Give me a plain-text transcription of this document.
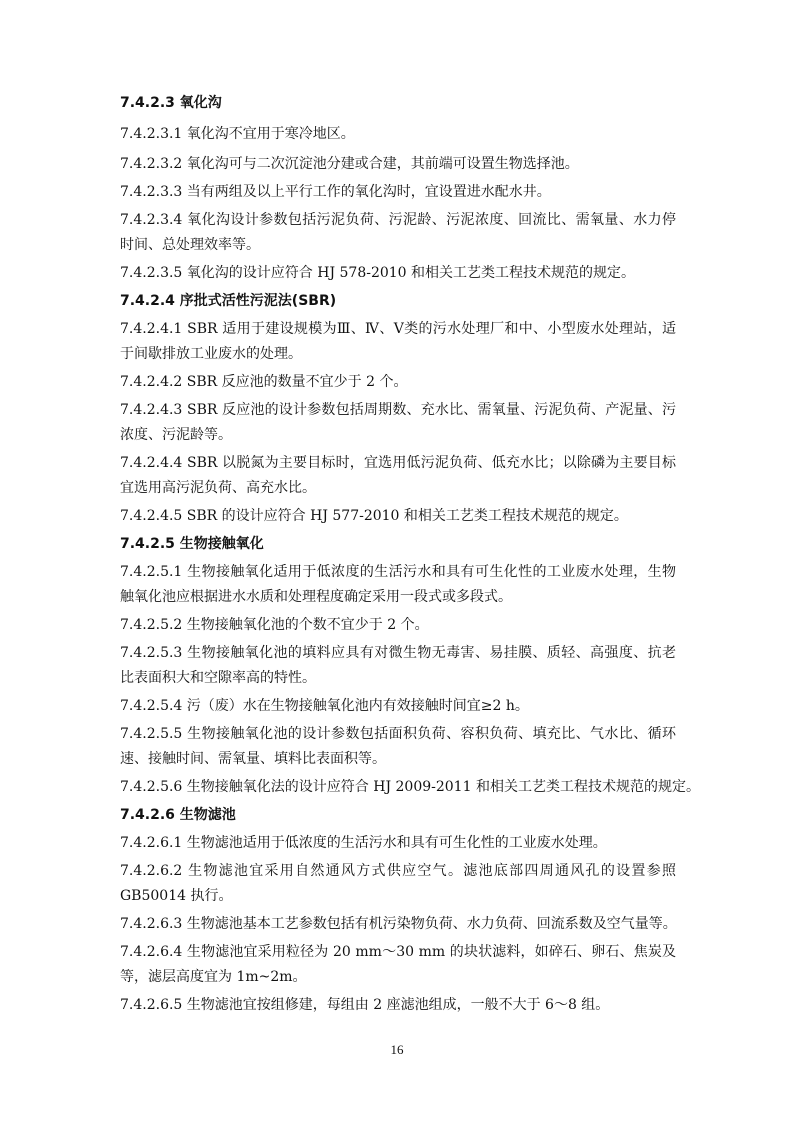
7.4.2.3 氧化沟
7.4.2.3.1 氧化沟不宜用于寒冷地区。
7.4.2.3.2 氧化沟可与二次沉淀池分建或合建，其前端可设置生物选择池。
7.4.2.3.3 当有两组及以上平行工作的氧化沟时，宜设置进水配水井。
7.4.2.3.4 氧化沟设计参数包括污泥负荷、污泥龄、污泥浓度、回流比、需氧量、水力停
时间、总处理效率等。
7.4.2.3.5 氧化沟的设计应符合 HJ 578-2010 和相关工艺类工程技术规范的规定。
7.4.2.4 序批式活性污泥法(SBR)
7.4.2.4.1 SBR 适用于建设规模为Ⅲ、Ⅳ、Ⅴ类的污水处理厂和中、小型废水处理站，适
于间歇排放工业废水的处理。
7.4.2.4.2 SBR 反应池的数量不宜少于 2 个。
7.4.2.4.3 SBR 反应池的设计参数包括周期数、充水比、需氧量、污泥负荷、产泥量、污
浓度、污泥龄等。
7.4.2.4.4 SBR 以脱氮为主要目标时，宜选用低污泥负荷、低充水比；以除磷为主要目标
宜选用高污泥负荷、高充水比。
7.4.2.4.5 SBR 的设计应符合 HJ 577-2010 和相关工艺类工程技术规范的规定。
7.4.2.5 生物接触氧化
7.4.2.5.1 生物接触氧化适用于低浓度的生活污水和具有可生化性的工业废水处理，生物
触氧化池应根据进水水质和处理程度确定采用一段式或多段式。
7.4.2.5.2 生物接触氧化池的个数不宜少于 2 个。
7.4.2.5.3 生物接触氧化池的填料应具有对微生物无毒害、易挂膜、质轻、高强度、抗老
比表面积大和空隙率高的特性。
7.4.2.5.4 污（废）水在生物接触氧化池内有效接触时间宜≥2 h。
7.4.2.5.5 生物接触氧化池的设计参数包括面积负荷、容积负荷、填充比、气水比、循环
速、接触时间、需氧量、填料比表面积等。
7.4.2.5.6 生物接触氧化法的设计应符合 HJ 2009-2011 和相关工艺类工程技术规范的规定。
7.4.2.6 生物滤池
7.4.2.6.1 生物滤池适用于低浓度的生活污水和具有可生化性的工业废水处理。
7.4.2.6.2 生物滤池宜采用自然通风方式供应空气。滤池底部四周通风孔的设置参照
GB50014 执行。
7.4.2.6.3 生物滤池基本工艺参数包括有机污染物负荷、水力负荷、回流系数及空气量等。
7.4.2.6.4 生物滤池宜采用粒径为 20 mm～30 mm 的块状滤料，如碎石、卵石、焦炭及
等，滤层高度宜为 1m~2m。
7.4.2.6.5 生物滤池宜按组修建，每组由 2 座滤池组成，一般不大于 6～8 组。
16
